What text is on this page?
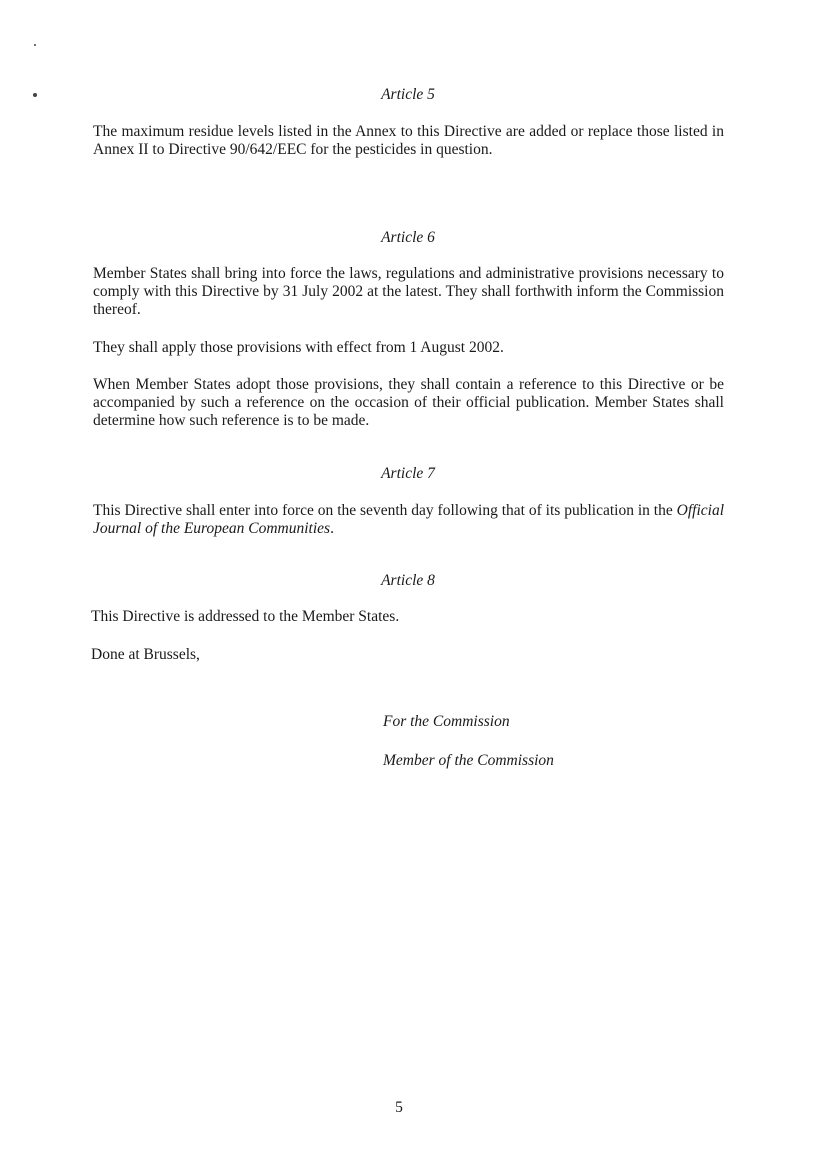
Article 5

The maximum residue levels listed in the Annex to this Directive are added or replace those listed in Annex II to Directive 90/642/EEC for the pesticides in question.

Article 6

Member States shall bring into force the laws, regulations and administrative provisions necessary to comply with this Directive by 31 July 2002 at the latest. They shall forthwith inform the Commission thereof.

They shall apply those provisions with effect from 1 August 2002.

When Member States adopt those provisions, they shall contain a reference to this Directive or be accompanied by such a reference on the occasion of their official publication. Member States shall determine how such reference is to be made.

Article 7

This Directive shall enter into force on the seventh day following that of its publication in the Official Journal of the European Communities.

Article 8

This Directive is addressed to the Member States.

Done at Brussels,

For the Commission

Member of the Commission

5
